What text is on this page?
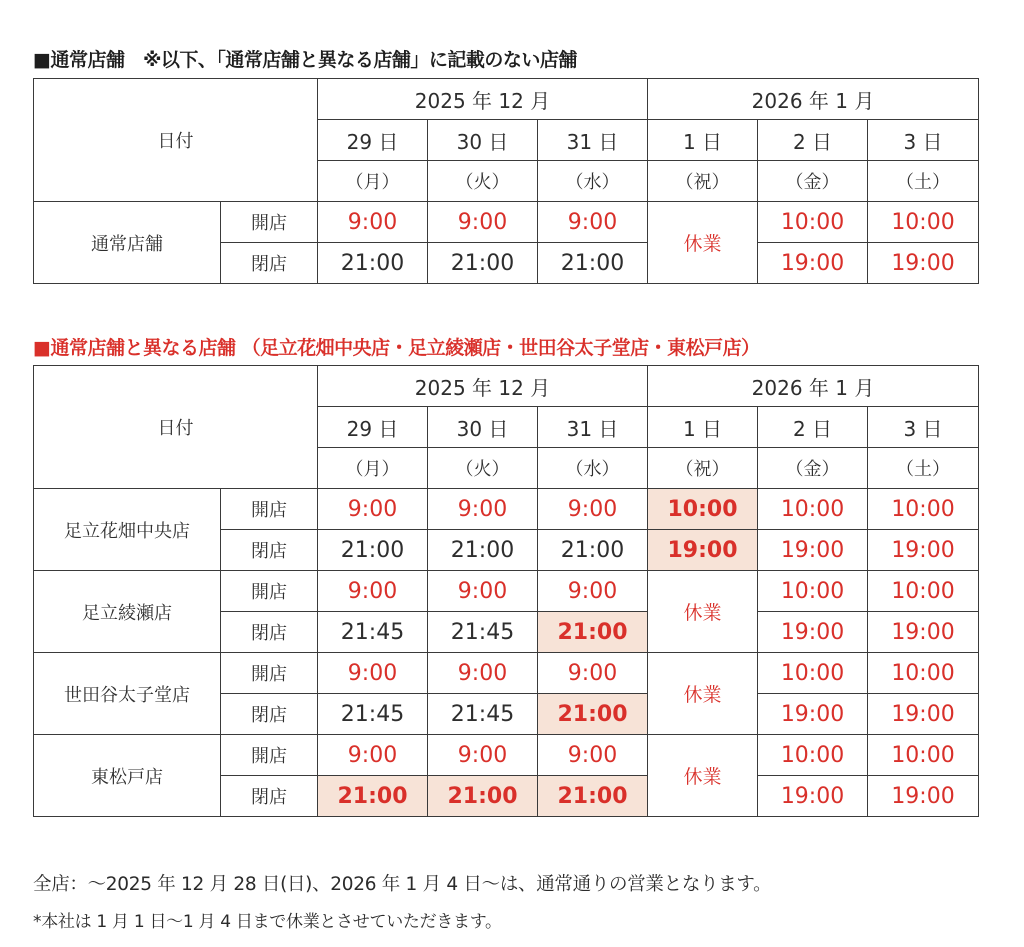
■通常店舗　※以下、「通常店舗と異なる店舗」に記載のない店舗
日付		2025 年 12 月			2026 年 1 月		
		29 日	30 日	31 日	1 日	2 日	3 日
		（月）	（火）	（水）	（祝）	（金）	（土）
通常店舗	開店	9:00	9:00	9:00	休業	10:00	10:00
	閉店	21:00	21:00	21:00		19:00	19:00
■通常店舗と異なる店舗 （足立花畑中央店・足立綾瀬店・世田谷太子堂店・東松戸店）
日付		2025 年 12 月			2026 年 1 月		
		29 日	30 日	31 日	1 日	2 日	3 日
		（月）	（火）	（水）	（祝）	（金）	（土）
足立花畑中央店	開店	9:00	9:00	9:00	10:00	10:00	10:00
	閉店	21:00	21:00	21:00	19:00	19:00	19:00
足立綾瀬店	開店	9:00	9:00	9:00	休業	10:00	10:00
	閉店	21:45	21:45	21:00		19:00	19:00
世田谷太子堂店	開店	9:00	9:00	9:00	休業	10:00	10:00
	閉店	21:45	21:45	21:00		19:00	19:00
東松戸店	開店	9:00	9:00	9:00	休業	10:00	10:00
	閉店	21:00	21:00	21:00		19:00	19:00
全店：～2025 年 12 月 28 日(日)、2026 年 1 月 4 日～は、通常通りの営業となります。
*本社は 1 月 1 日～1 月 4 日まで休業とさせていただきます。
